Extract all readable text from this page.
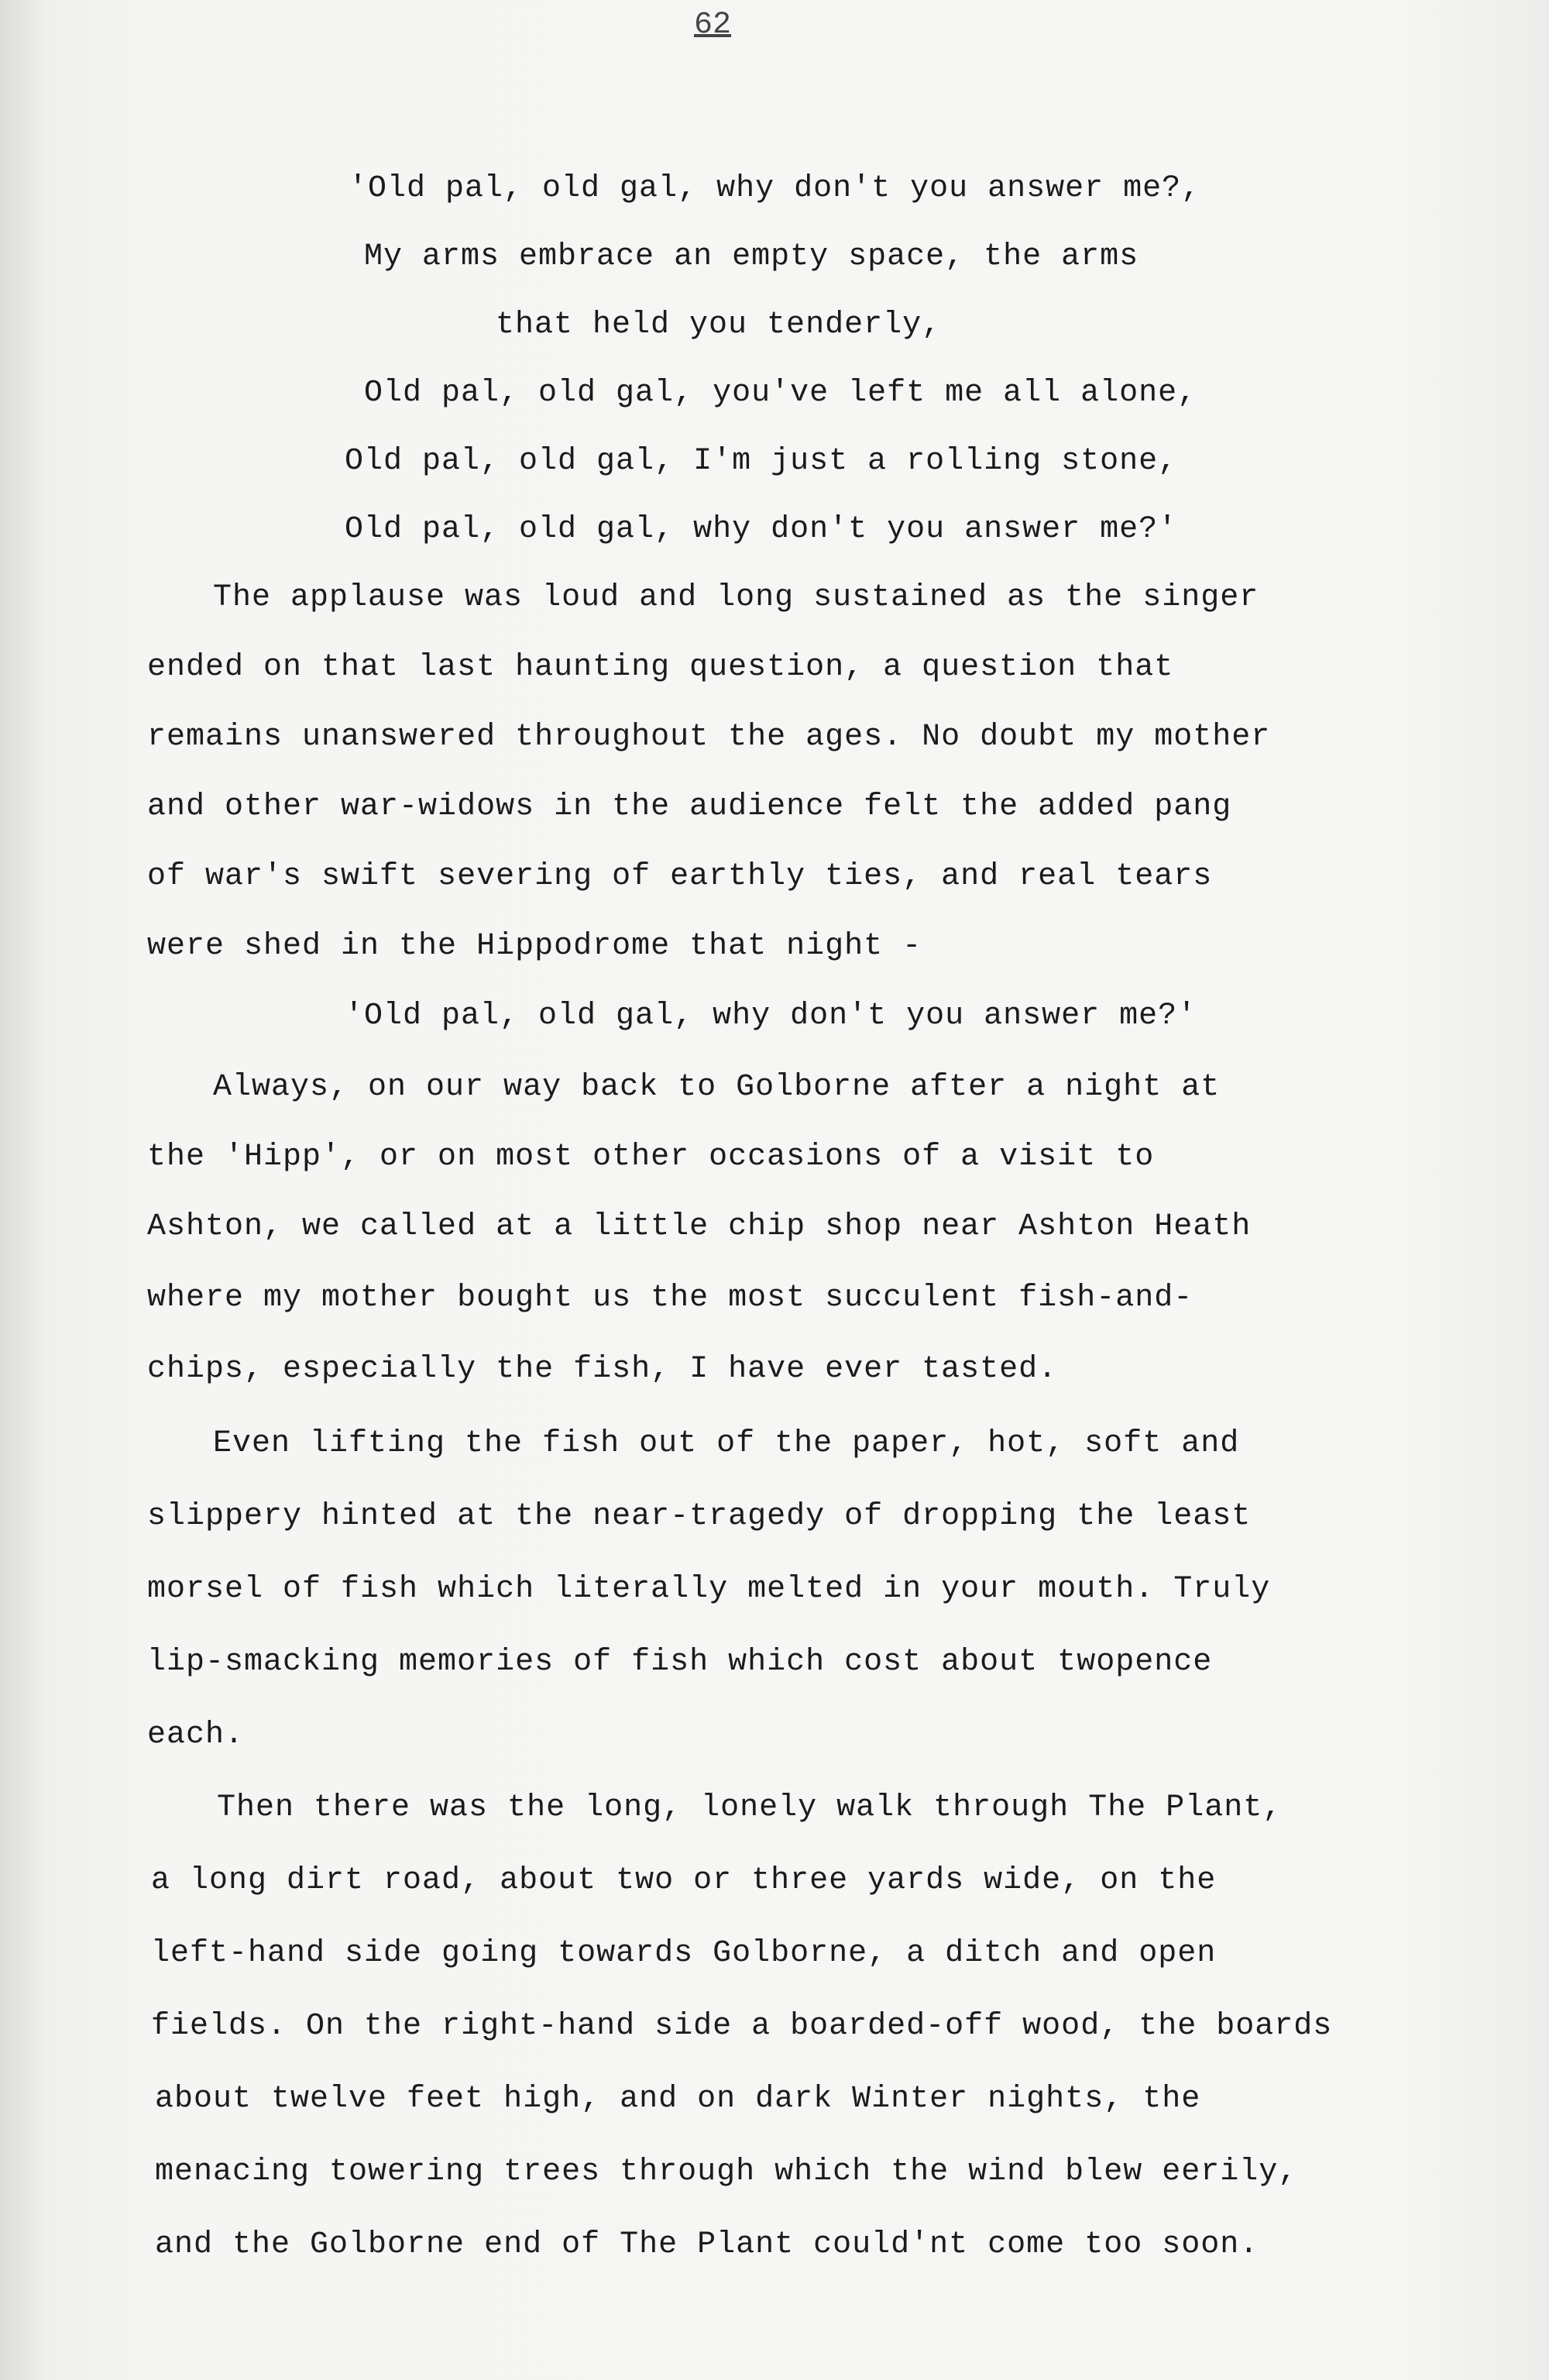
62
'Old pal, old gal, why don't you answer me?,
My arms embrace an empty space, the arms
that held you tenderly,
Old pal, old gal, you've left me all alone,
Old pal, old gal, I'm just a rolling stone,
Old pal, old gal, why don't you answer me?'
The applause was loud and long sustained as the singer
ended on that last haunting question, a question that
remains unanswered throughout the ages. No doubt my mother
and other war-widows in the audience felt the added pang
of war's swift severing of earthly ties, and real tears
were shed in the Hippodrome that night -
'Old pal, old gal, why don't you answer me?'
Always, on our way back to Golborne after a night at
the 'Hipp', or on most other occasions of a visit to
Ashton, we called at a little chip shop near Ashton Heath
where my mother bought us the most succulent fish-and-
chips, especially the fish, I have ever tasted.
Even lifting the fish out of the paper, hot, soft and
slippery hinted at the near-tragedy of dropping the least
morsel of fish which literally melted in your mouth. Truly
lip-smacking memories of fish which cost about twopence
each.
Then there was the long, lonely walk through The Plant,
a long dirt road, about two or three yards wide, on the
left-hand side going towards Golborne, a ditch and open
fields. On the right-hand side a boarded-off wood, the boards
about twelve feet high, and on dark Winter nights, the
menacing towering trees through which the wind blew eerily,
and the Golborne end of The Plant could'nt come too soon.
